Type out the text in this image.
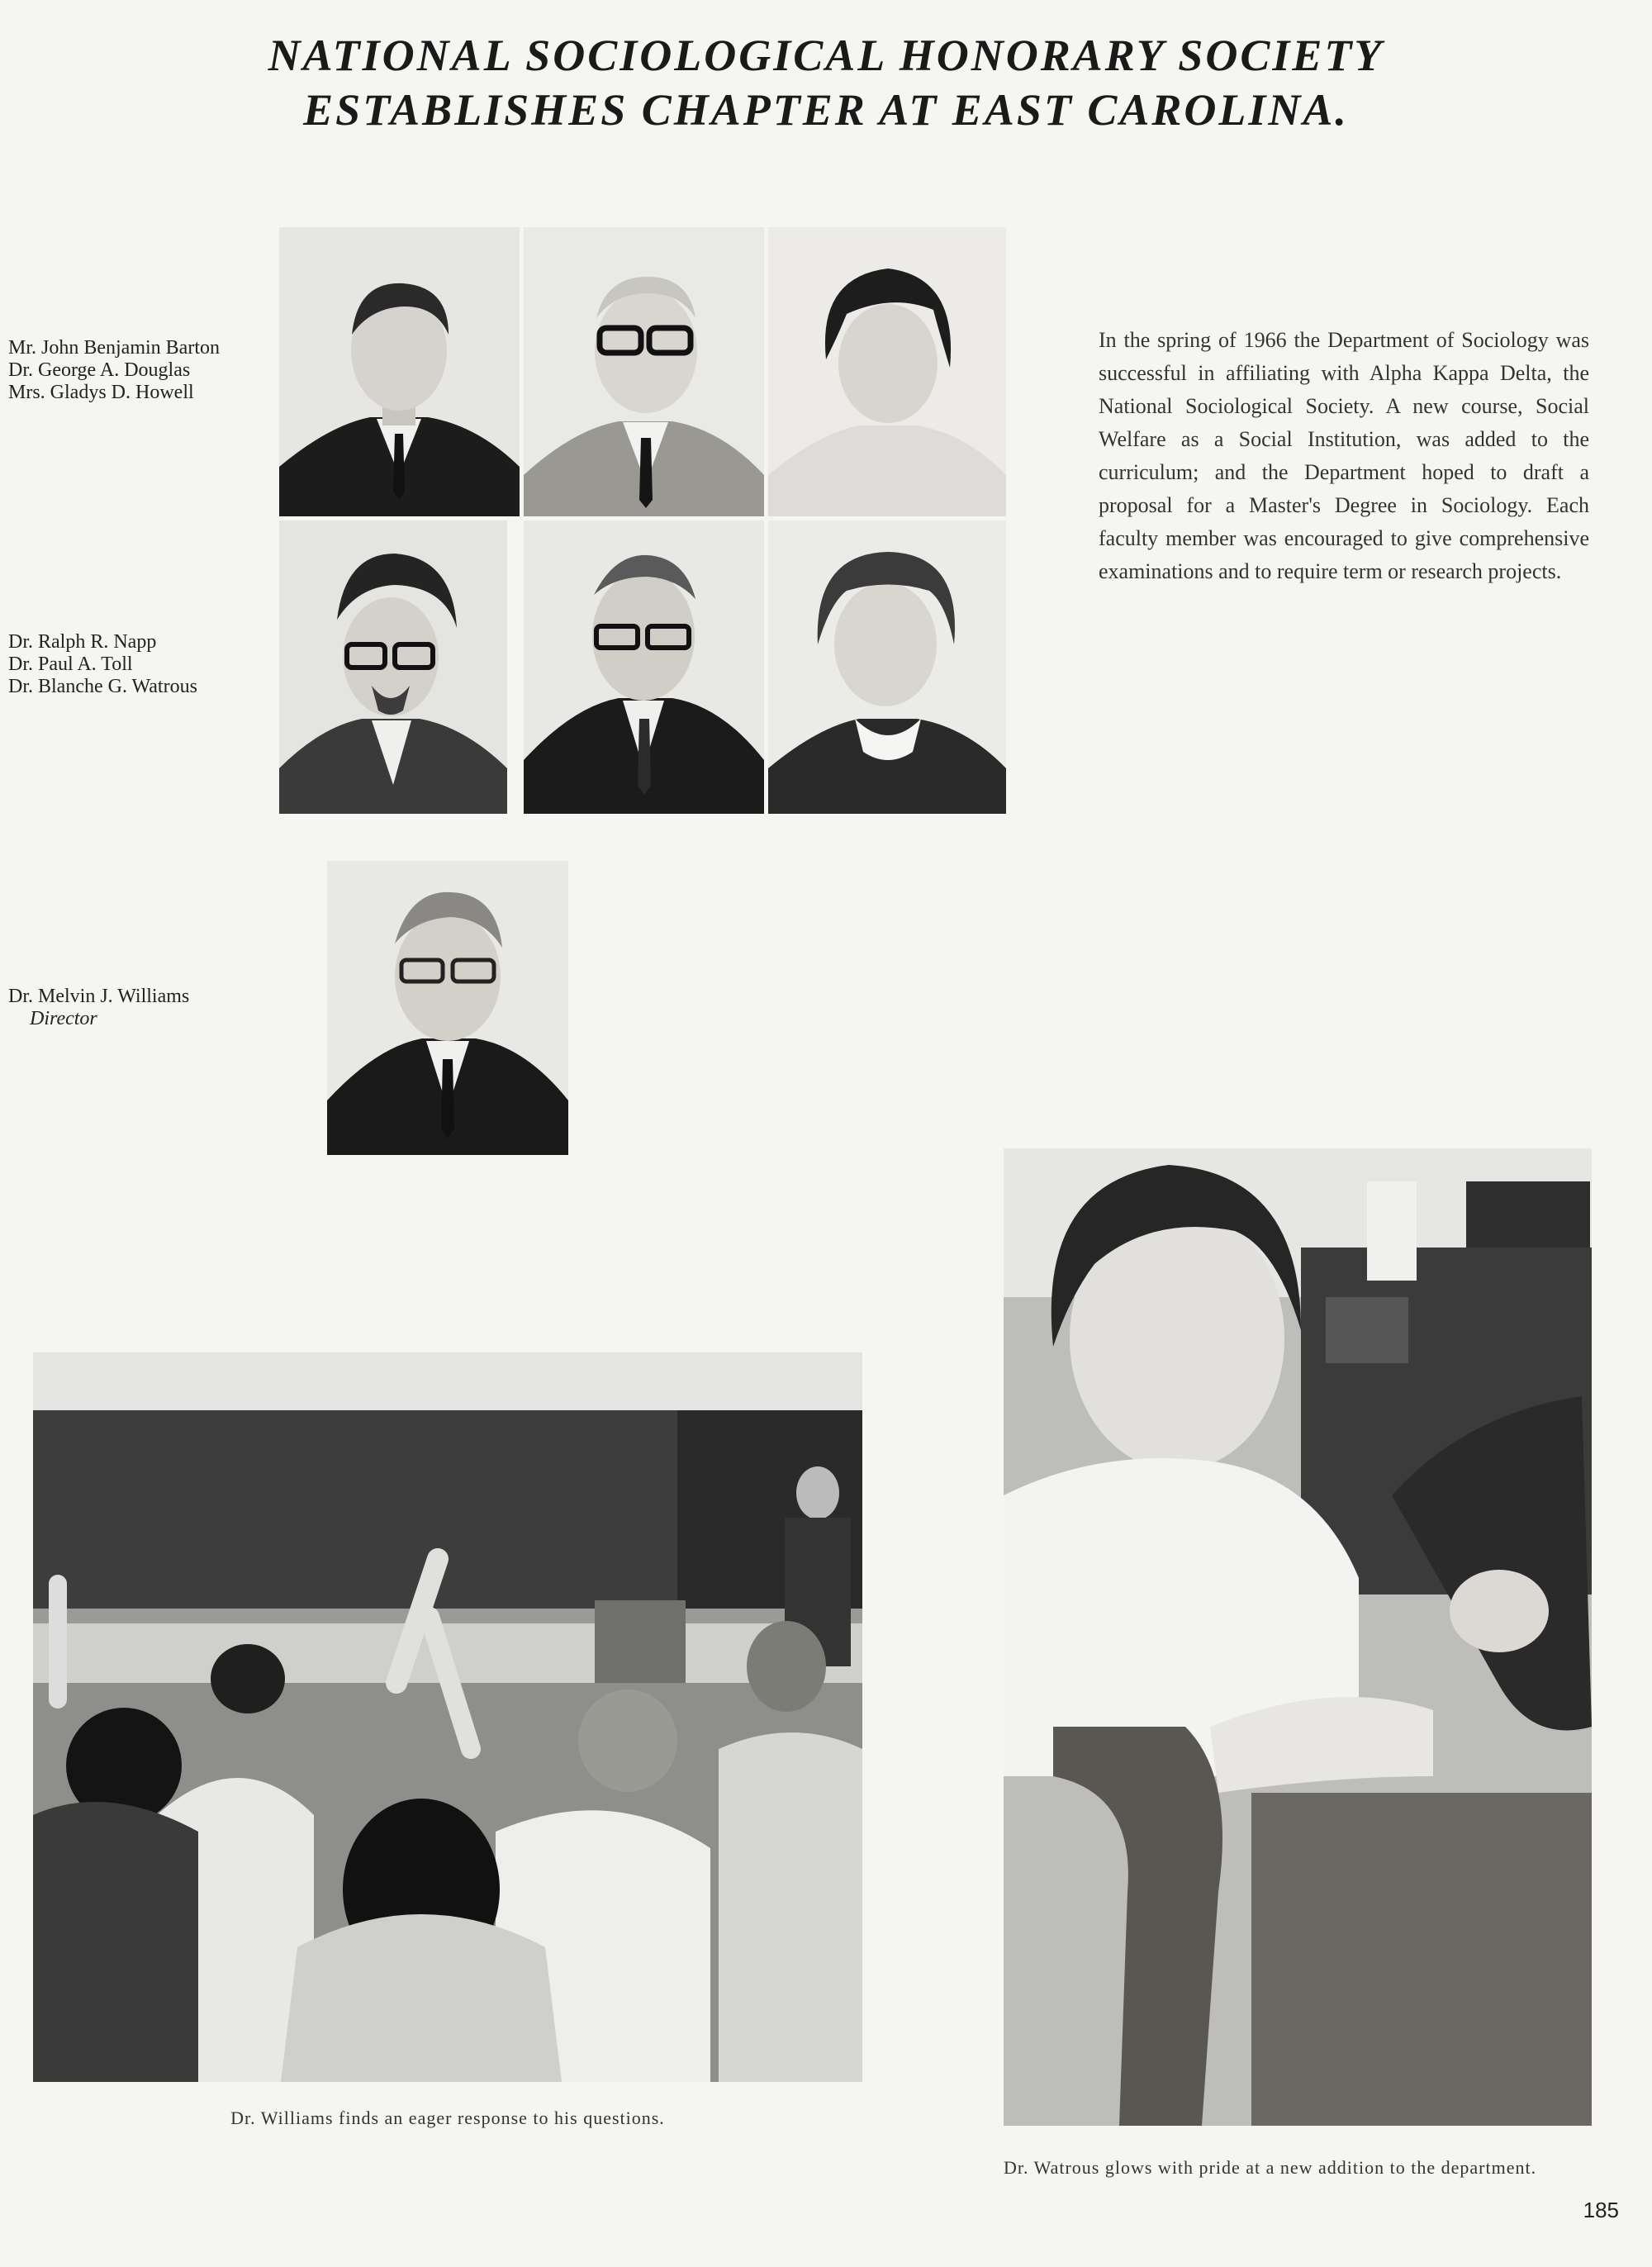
NATIONAL SOCIOLOGICAL HONORARY SOCIETY
ESTABLISHES CHAPTER AT EAST CAROLINA.
Mr. John Benjamin Barton
Dr. George A. Douglas
Mrs. Gladys D. Howell
Dr. Ralph R. Napp
Dr. Paul A. Toll
Dr. Blanche G. Watrous
Dr. Melvin J. Williams
Director
In the spring of 1966 the Department of Sociology was successful in affiliating with Alpha Kappa Delta, the National Sociological Society. A new course, Social Welfare as a Social Institution, was added to the curriculum; and the Department hoped to draft a proposal for a Master's Degree in Sociology. Each faculty member was encouraged to give comprehensive examinations and to require term or research projects.
Dr. Williams finds an eager response to his questions.
Dr. Watrous glows with pride at a new addition to the department.
185
